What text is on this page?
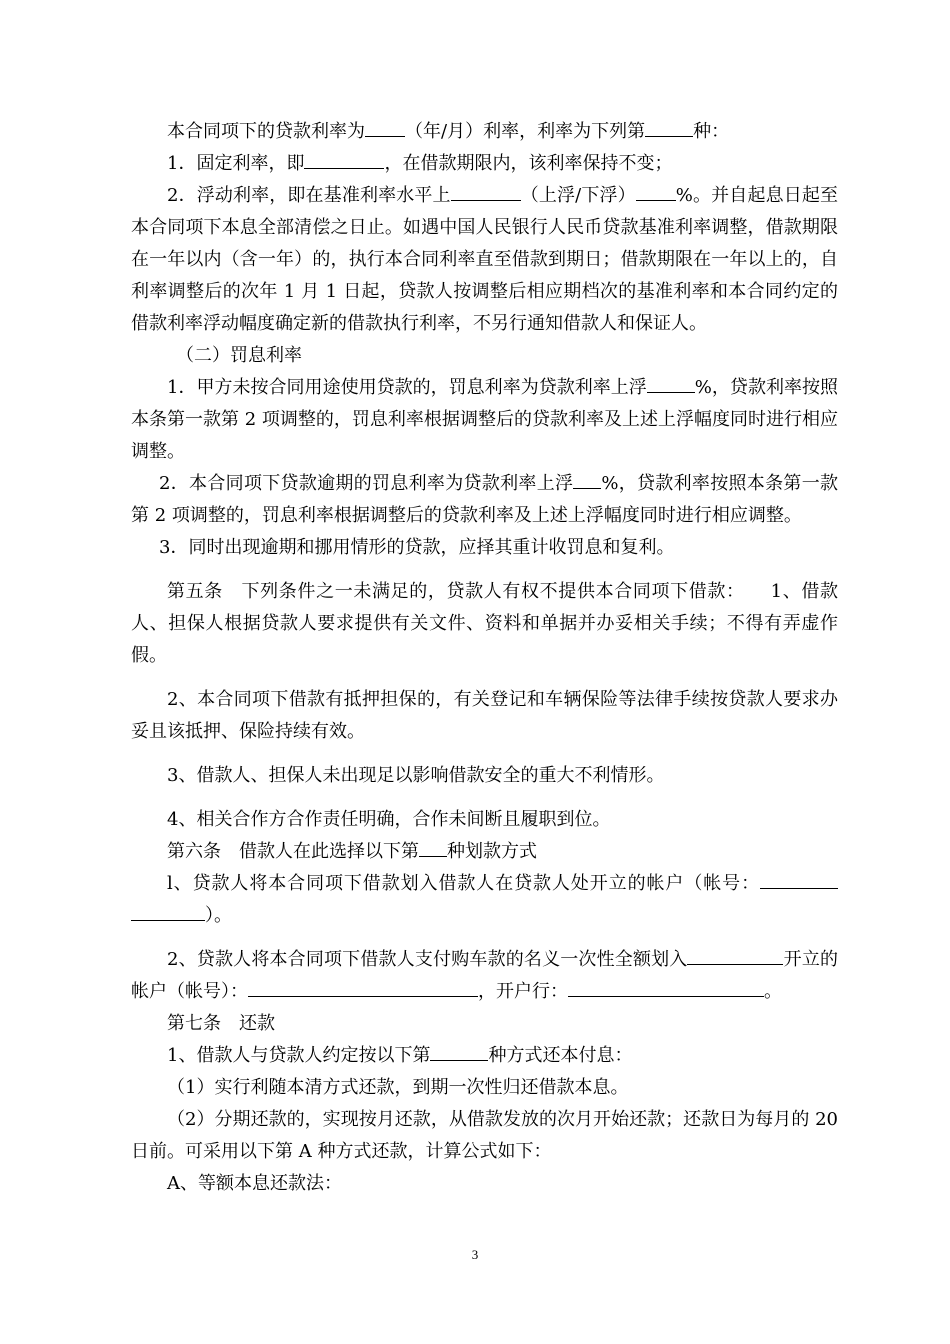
本合同项下的贷款利率为 （年/月）利率，利率为下列第	种：

1．固定利率，即	，在借款期限内，该利率保持不变；

2．浮动利率，即在基准利率水平上	（上浮/下浮） %。并自起息日起至本合同项下本息全部清偿之日止。如遇中国人民银行人民币贷款基准利率调整，借款期限在一年以内（含一年）的，执行本合同利率直至借款到期日；借款期限在一年以上的，自利率调整后的次年 1 月 1 日起，贷款人按调整后相应期档次的基准利率和本合同约定的借款利率浮动幅度确定新的借款执行利率，不另行通知借款人和保证人。

（二）罚息利率

1．甲方未按合同用途使用贷款的，罚息利率为贷款利率上浮	%，贷款利率按照本条第一款第 2 项调整的，罚息利率根据调整后的贷款利率及上述上浮幅度同时进行相应调整。

2．本合同项下贷款逾期的罚息利率为贷款利率上浮 %，贷款利率按照本条第一款第 2 项调整的，罚息利率根据调整后的贷款利率及上述上浮幅度同时进行相应调整。

3．同时出现逾期和挪用情形的贷款，应择其重计收罚息和复利。

第五条　下列条件之一未满足的，贷款人有权不提供本合同项下借款： 1、借款人、担保人根据贷款人要求提供有关文件、资料和单据并办妥相关手续；不得有弄虚作假。

2、本合同项下借款有抵押担保的，有关登记和车辆保险等法律手续按贷款人要求办妥且该抵押、保险持续有效。

3、借款人、担保人未出现足以影响借款安全的重大不利情形。

4、相关合作方合作责任明确，合作未间断且履职到位。

第六条　借款人在此选择以下第 种划款方式

l、贷款人将本合同项下借款划入借款人在贷款人处开立的帐户（帐号：）。

2、贷款人将本合同项下借款人支付购车款的名义一次性全额划入	开立的帐户（帐号）：	，开户行：	。

第七条　还款

1、借款人与贷款人约定按以下第	种方式还本付息：

（1）实行利随本清方式还款，到期一次性归还借款本息。

（2）分期还款的，实现按月还款，从借款发放的次月开始还款；还款日为每月的 20 日前。可采用以下第 A 种方式还款，计算公式如下：

A、等额本息还款法：

3
